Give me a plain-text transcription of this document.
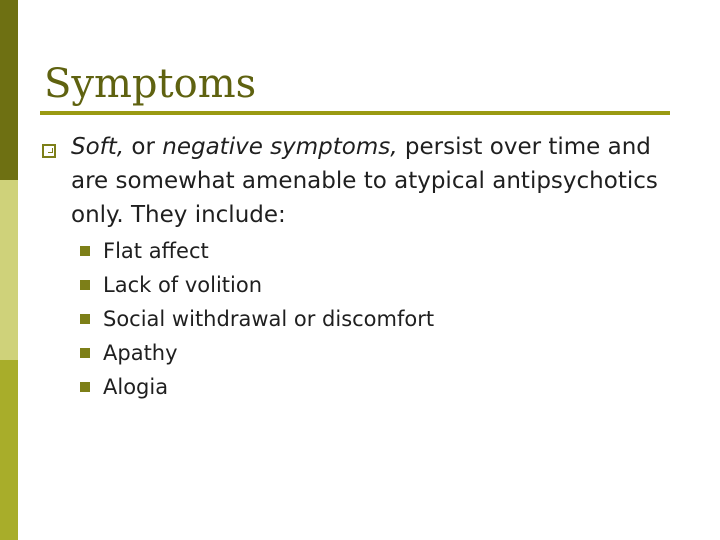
Symptoms

Soft, or negative symptoms, persist over time and are somewhat amenable to atypical antipsychotics only. They include:

Flat affect
Lack of volition
Social withdrawal or discomfort
Apathy
Alogia
